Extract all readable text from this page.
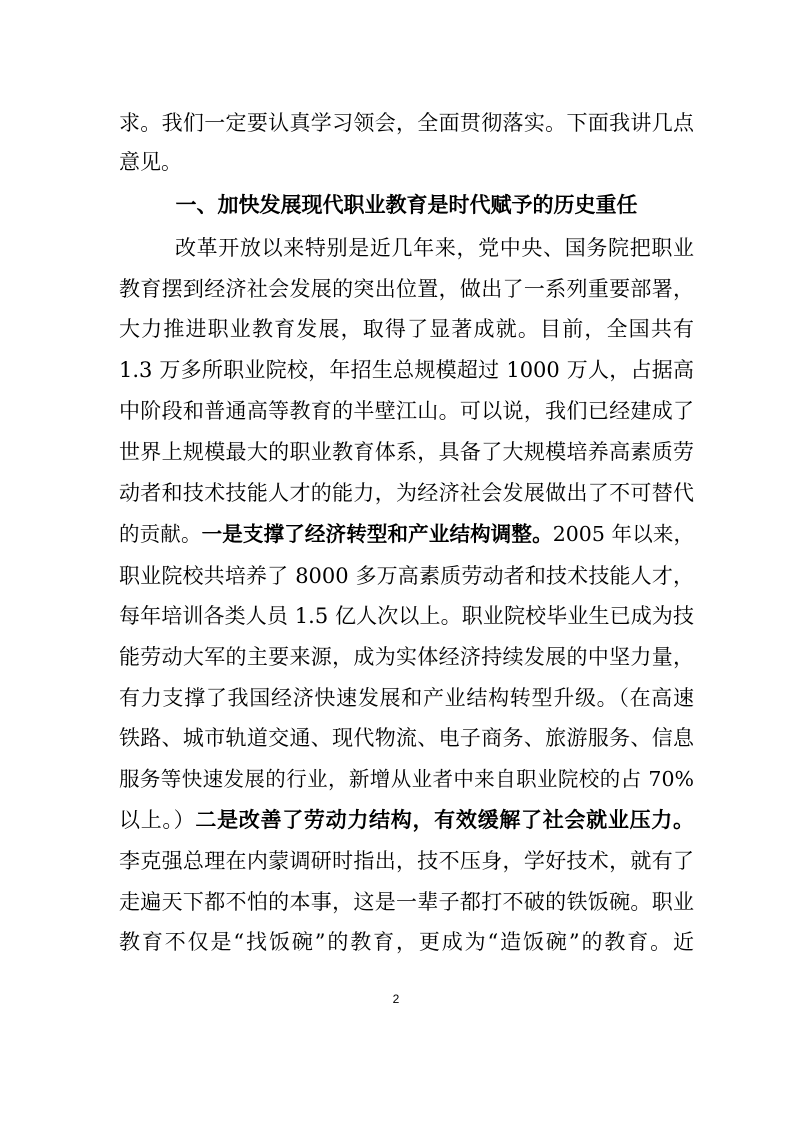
求。我们一定要认真学习领会，全面贯彻落实。下面我讲几点
意见。
一、加快发展现代职业教育是时代赋予的历史重任
改革开放以来特别是近几年来，党中央、国务院把职业
教育摆到经济社会发展的突出位置，做出了一系列重要部署，
大力推进职业教育发展，取得了显著成就。目前，全国共有
1.3 万多所职业院校，年招生总规模超过 1000 万人，占据高
中阶段和普通高等教育的半壁江山。可以说，我们已经建成了
世界上规模最大的职业教育体系，具备了大规模培养高素质劳
动者和技术技能人才的能力，为经济社会发展做出了不可替代
的贡献。一是支撑了经济转型和产业结构调整。2005 年以来，
职业院校共培养了 8000 多万高素质劳动者和技术技能人才，
每年培训各类人员 1.5 亿人次以上。职业院校毕业生已成为技
能劳动大军的主要来源，成为实体经济持续发展的中坚力量，
有力支撑了我国经济快速发展和产业结构转型升级。（在高速
铁路、城市轨道交通、现代物流、电子商务、旅游服务、信息
服务等快速发展的行业，新增从业者中来自职业院校的占 70%
以上。）二是改善了劳动力结构，有效缓解了社会就业压力。
李克强总理在内蒙调研时指出，技不压身，学好技术，就有了
走遍天下都不怕的本事，这是一辈子都打不破的铁饭碗。职业
教育不仅是“找饭碗”的教育，更成为“造饭碗”的教育。近
2
